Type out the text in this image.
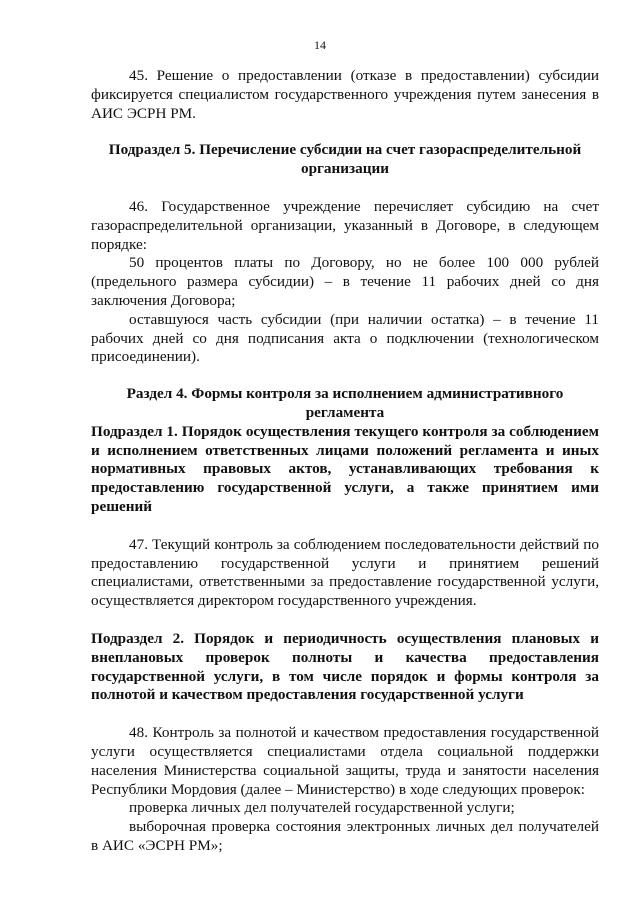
14

45. Решение о предоставлении (отказе в предоставлении) субсидии фиксируется специалистом государственного учреждения путем занесения в АИС ЭСРН РМ.

Подраздел 5. Перечисление субсидии на счет газораспределительной организации

46. Государственное учреждение перечисляет субсидию на счет газораспределительной организации, указанный в Договоре, в следующем порядке:

50 процентов платы по Договору, но не более 100 000 рублей (предельного размера субсидии) – в течение 11 рабочих дней со дня заключения Договора;

оставшуюся часть субсидии (при наличии остатка) – в течение 11 рабочих дней со дня подписания акта о подключении (технологическом присоединении).

Раздел 4. Формы контроля за исполнением административного регламента

Подраздел 1. Порядок осуществления текущего контроля за соблюдением и исполнением ответственных лицами положений регламента и иных нормативных правовых актов, устанавливающих требования к предоставлению государственной услуги, а также принятием ими решений

47. Текущий контроль за соблюдением последовательности действий по предоставлению государственной услуги и принятием решений специалистами, ответственными за предоставление государственной услуги, осуществляется директором государственного учреждения.

Подраздел 2. Порядок и периодичность осуществления плановых и внеплановых проверок полноты и качества предоставления государственной услуги, в том числе порядок и формы контроля за полнотой и качеством предоставления государственной услуги

48. Контроль за полнотой и качеством предоставления государственной услуги осуществляется специалистами отдела социальной поддержки населения Министерства социальной защиты, труда и занятости населения Республики Мордовия (далее – Министерство) в ходе следующих проверок:

проверка личных дел получателей государственной услуги;

выборочная проверка состояния электронных личных дел получателей в АИС «ЭСРН РМ»;
